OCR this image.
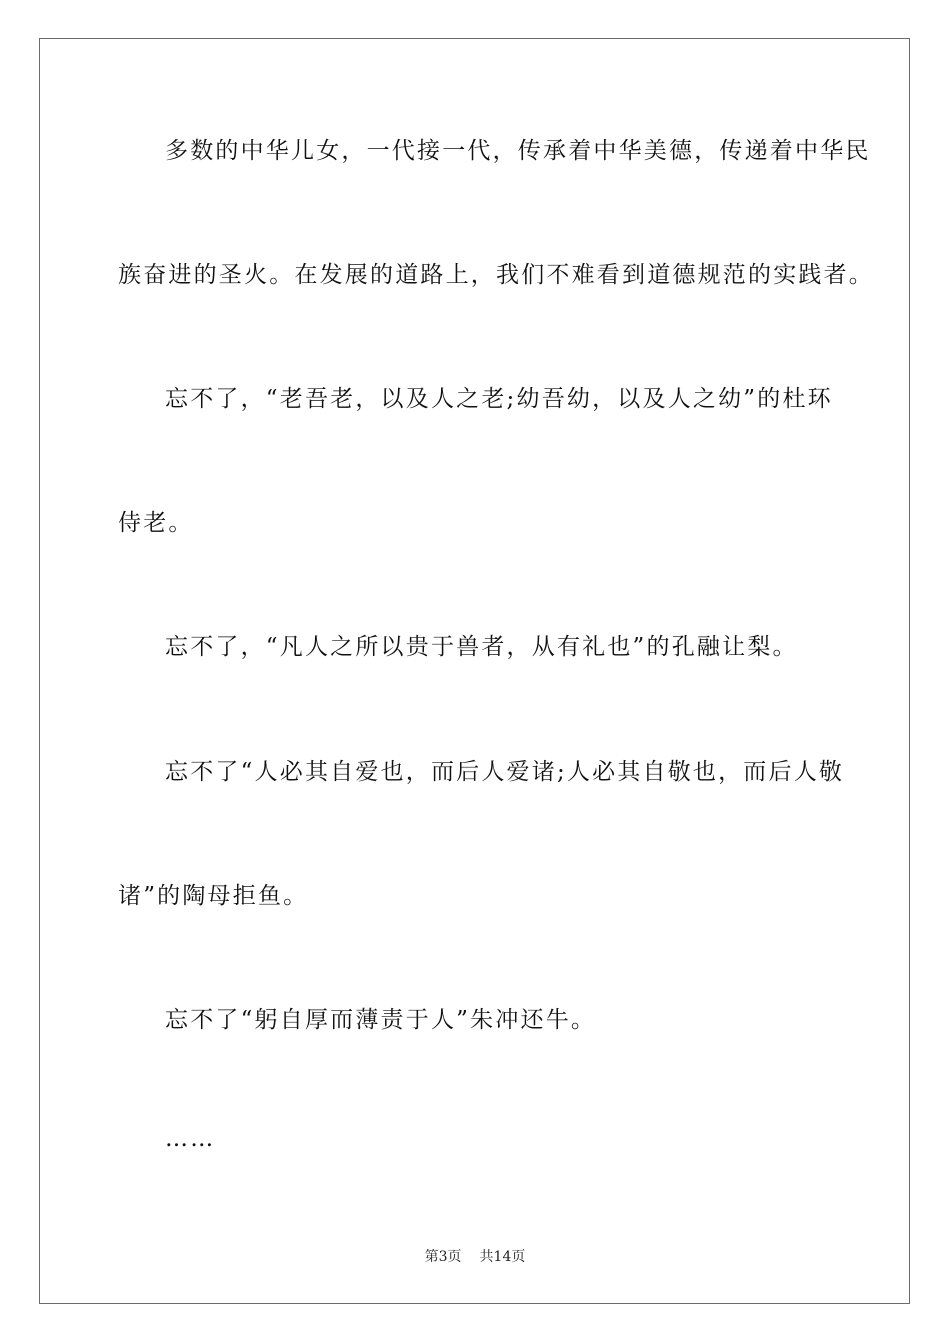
多数的中华儿女，一代接一代，传承着中华美德，传递着中华民
族奋进的圣火。在发展的道路上，我们不难看到道德规范的实践者。
忘不了，“老吾老，以及人之老;幼吾幼，以及人之幼”的杜环
侍老。
忘不了，“凡人之所以贵于兽者，从有礼也”的孔融让梨。
忘不了“人必其自爱也，而后人爱诸;人必其自敬也，而后人敬
诸”的陶母拒鱼。
忘不了“躬自厚而薄责于人”朱冲还牛。
……
第3页 共14页
